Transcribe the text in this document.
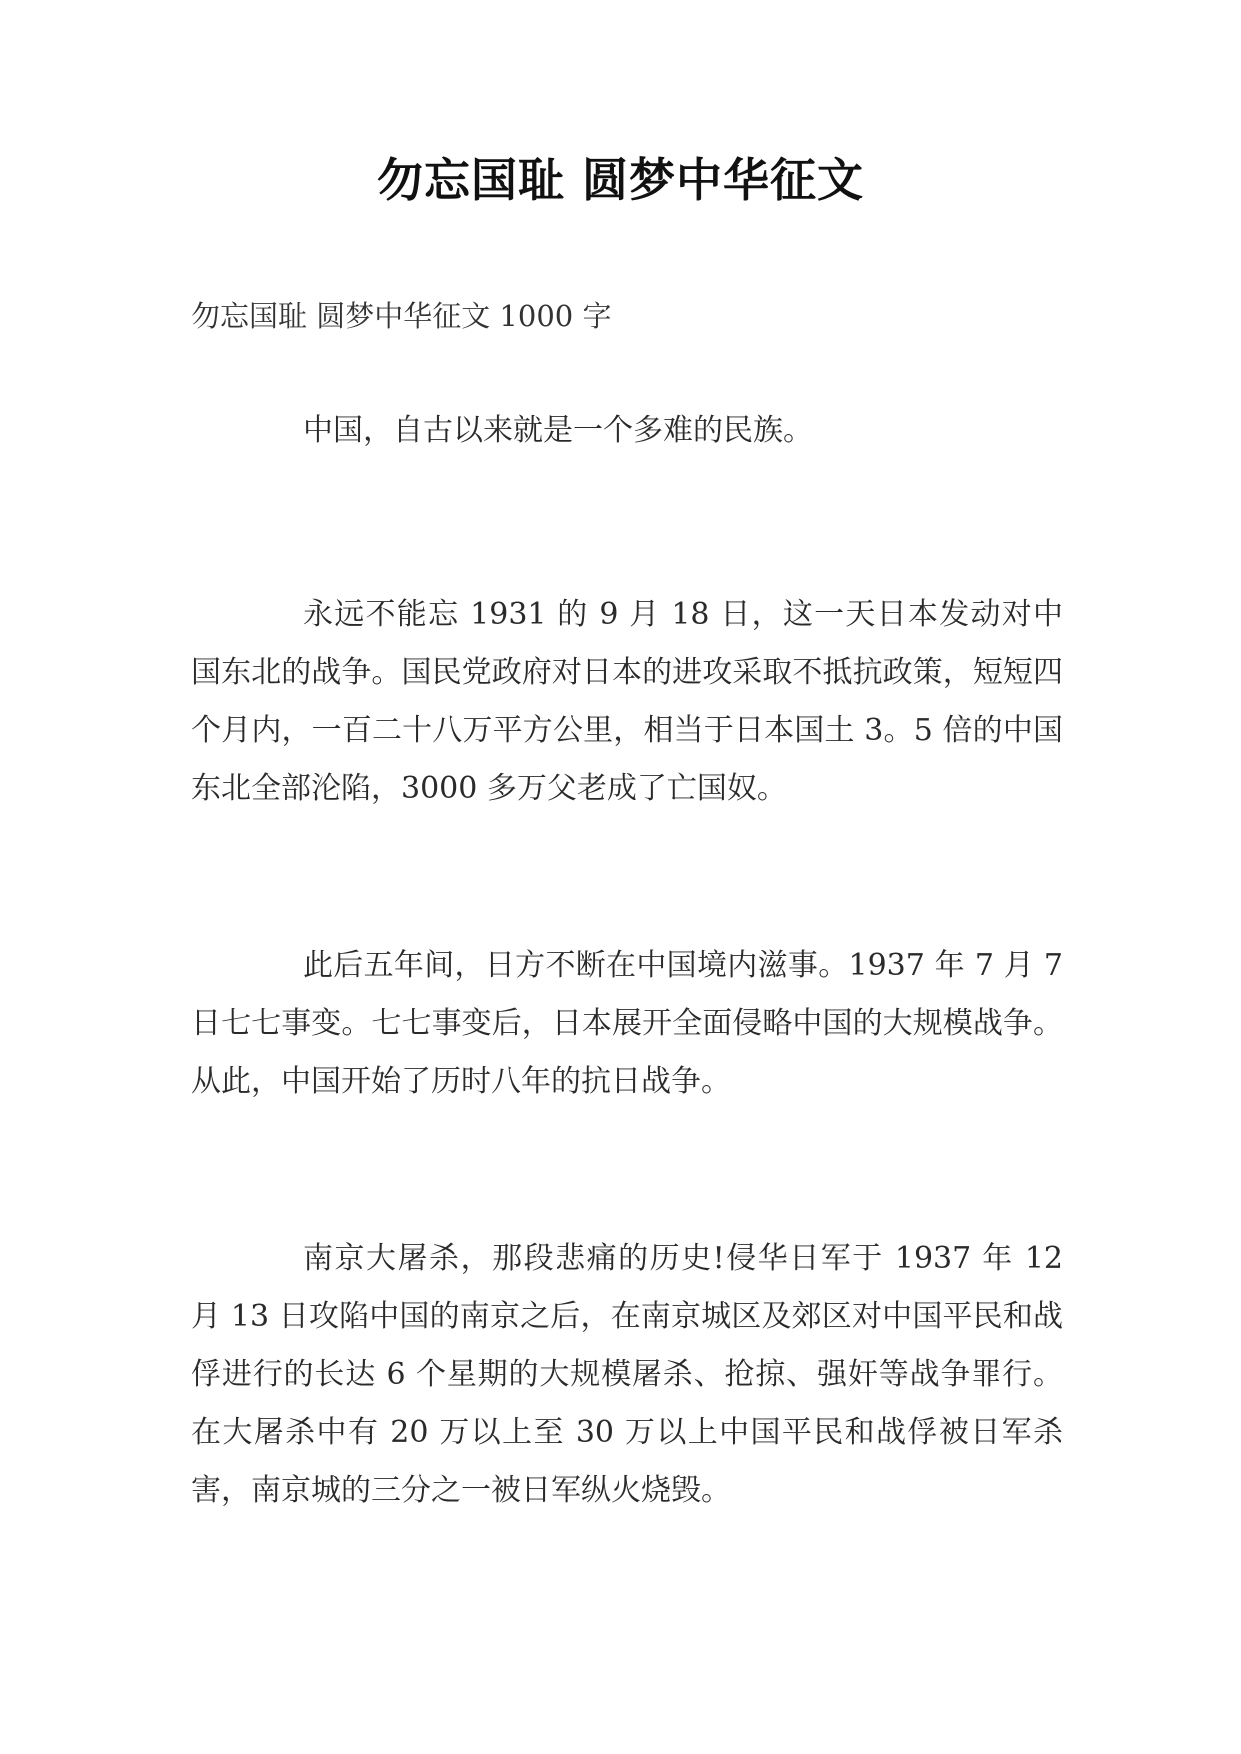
勿忘国耻 圆梦中华征文
勿忘国耻 圆梦中华征文 1000 字

中国，自古以来就是一个多难的民族。

永远不能忘 1931 的 9 月 18 日，这一天日本发动对中国东北的战争。国民党政府对日本的进攻采取不抵抗政策，短短四个月内，一百二十八万平方公里，相当于日本国土 3。5 倍的中国东北全部沦陷，3000 多万父老成了亡国奴。

此后五年间，日方不断在中国境内滋事。1937 年 7 月 7 日七七事变。七七事变后，日本展开全面侵略中国的大规模战争。从此，中国开始了历时八年的抗日战争。

南京大屠杀，那段悲痛的历史!侵华日军于 1937 年 12 月 13 日攻陷中国的南京之后，在南京城区及郊区对中国平民和战俘进行的长达 6 个星期的大规模屠杀、抢掠、强奸等战争罪行。在大屠杀中有 20 万以上至 30 万以上中国平民和战俘被日军杀害，南京城的三分之一被日军纵火烧毁。
